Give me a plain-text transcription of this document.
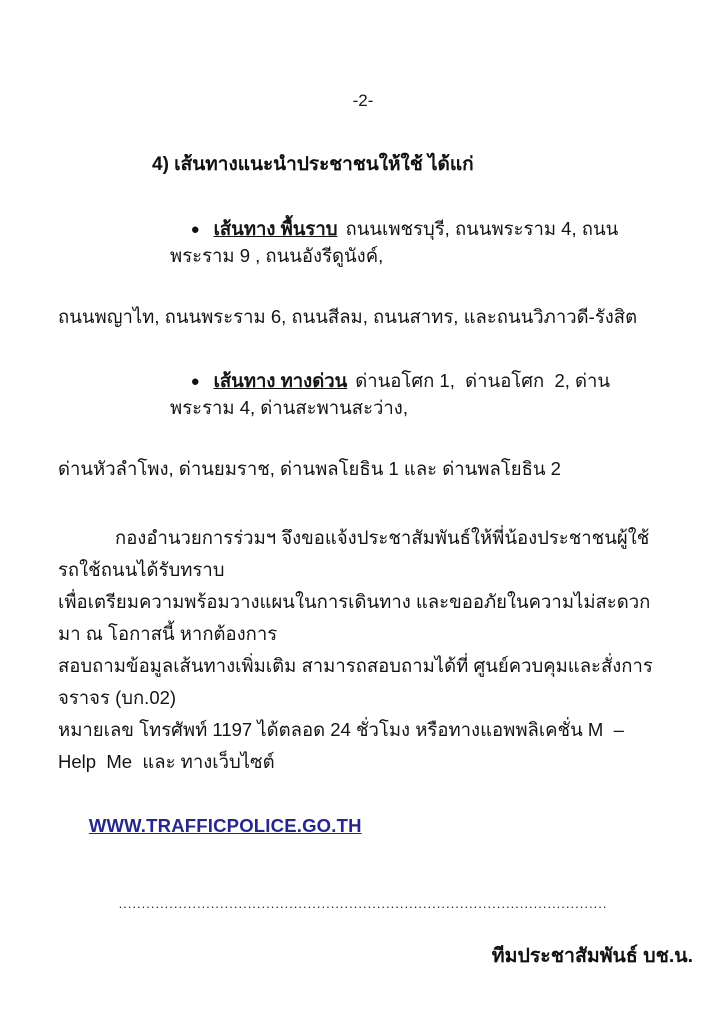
-2-
4) เส้นทางแนะนำประชาชนให้ใช้ ได้แก่

● เส้นทาง พื้นราบ ถนนเพชรบุรี, ถนนพระราม 4, ถนนพระราม 9 , ถนนอังรีดูนังค์,

ถนนพญาไท, ถนนพระราม 6, ถนนสีลม, ถนนสาทร, และถนนวิภาวดี-รังสิต

● เส้นทาง ทางด่วน ด่านอโศก 1,  ด่านอโศก  2, ด่านพระราม 4, ด่านสะพานสะว่าง,

ด่านหัวลำโพง, ด่านยมราช, ด่านพลโยธิน 1 และ ด่านพลโยธิน 2
กองอำนวยการร่วมฯ จึงขอแจ้งประชาสัมพันธ์ให้พี่น้องประชาชนผู้ใช้รถใช้ถนนได้รับทราบ
เพื่อเตรียมความพร้อมวางแผนในการเดินทาง และขออภัยในความไม่สะดวกมา ณ โอกาสนี้ หากต้องการ
สอบถามข้อมูลเส้นทางเพิ่มเติม สามารถสอบถามได้ที่ ศูนย์ควบคุมและสั่งการจราจร (บก.02)
หมายเลข โทรศัพท์ 1197 ได้ตลอด 24 ชั่วโมง หรือทางแอพพลิเคชั่น M  –  Help  Me  และ ทางเว็บไซต์

WWW.TRAFFICPOLICE.GO.TH

..........................................................................................................
ทีมประชาสัมพันธ์ บช.น.
